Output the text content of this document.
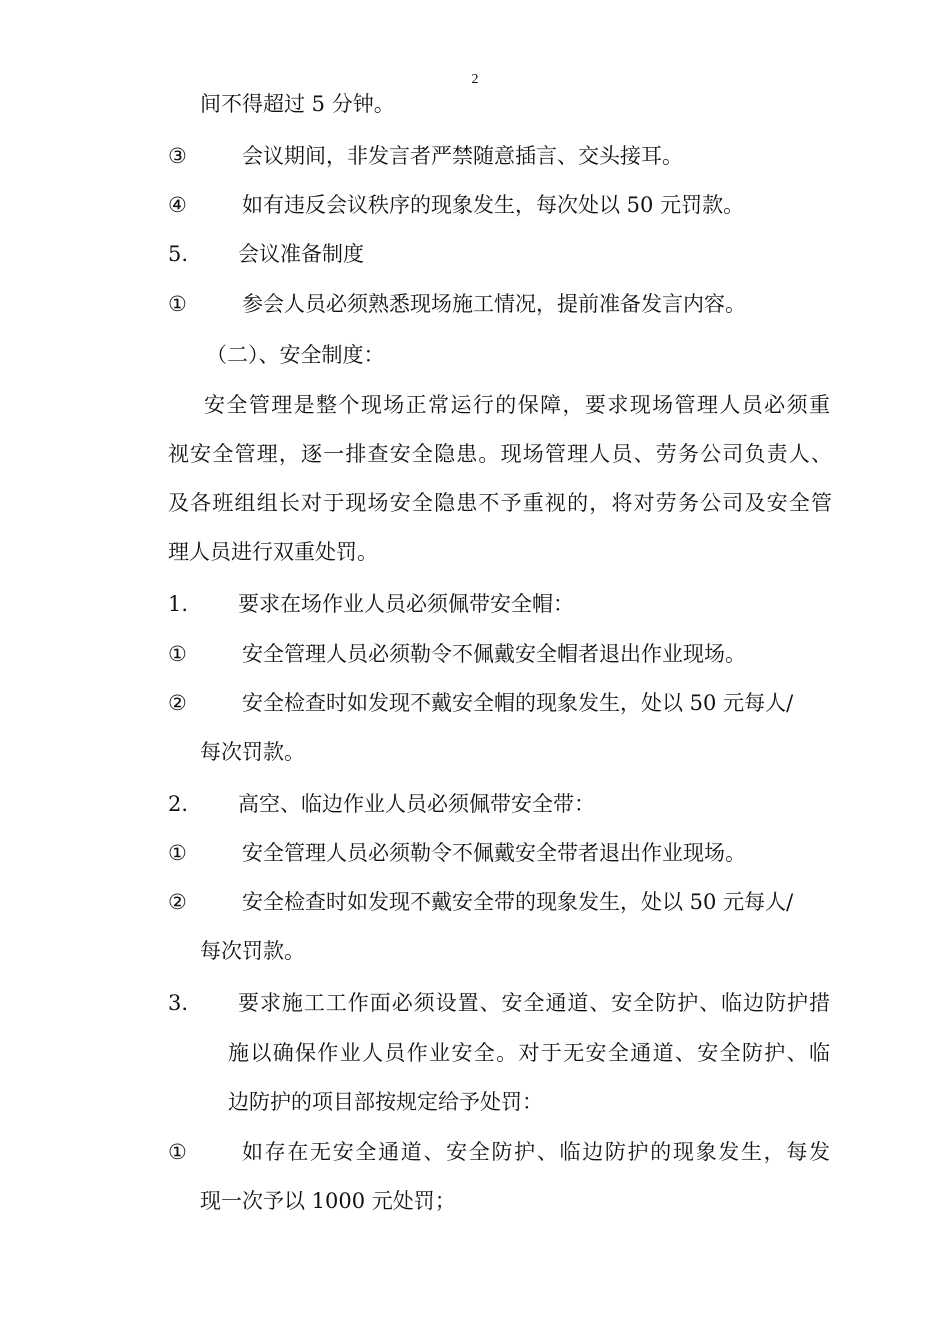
2
间不得超过 5 分钟。
③	会议期间，非发言者严禁随意插言、交头接耳。
④	如有违反会议秩序的现象发生，每次处以 50 元罚款。
5. 会议准备制度
①	参会人员必须熟悉现场施工情况，提前准备发言内容。
（二）、安全制度：
安全管理是整个现场正常运行的保障，要求现场管理人员必须重
视安全管理，逐一排查安全隐患。现场管理人员、劳务公司负责人、
及各班组组长对于现场安全隐患不予重视的，将对劳务公司及安全管
理人员进行双重处罚。
1. 要求在场作业人员必须佩带安全帽：
①	安全管理人员必须勒令不佩戴安全帽者退出作业现场。
②	安全检查时如发现不戴安全帽的现象发生，处以 50 元每人/
每次罚款。
2. 高空、临边作业人员必须佩带安全带：
①	安全管理人员必须勒令不佩戴安全带者退出作业现场。
②	安全检查时如发现不戴安全带的现象发生，处以 50 元每人/
每次罚款。
3. 要求施工工作面必须设置、安全通道、安全防护、临边防护措
施以确保作业人员作业安全。对于无安全通道、安全防护、临
边防护的项目部按规定给予处罚：
①	如存在无安全通道、安全防护、临边防护的现象发生，每发
现一次予以 1000 元处罚；
